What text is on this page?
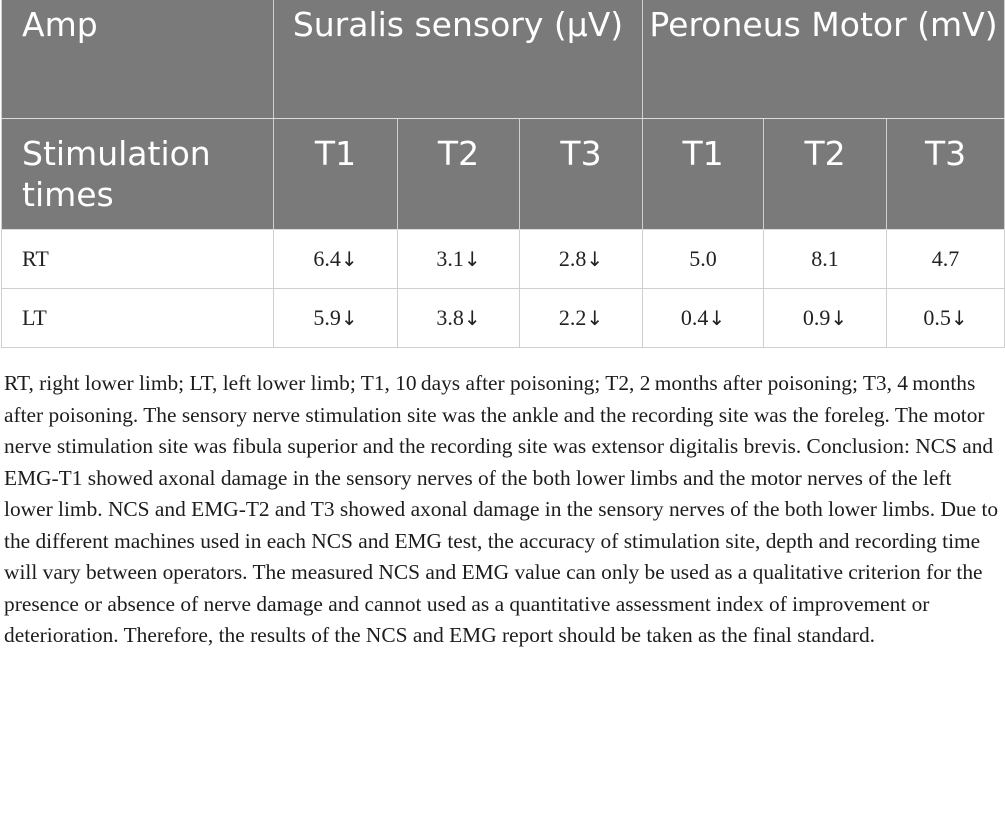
Amp	Suralis sensory (μV)			Peroneus Motor (mV)		
Stimulation times	T1	T2	T3	T1	T2	T3
RT	6.4↓	3.1↓	2.8↓	5.0	8.1	4.7
LT	5.9↓	3.8↓	2.2↓	0.4↓	0.9↓	0.5↓

RT, right lower limb; LT, left lower limb; T1, 10 days after poisoning; T2, 2 months after poisoning; T3, 4 months after poisoning. The sensory nerve stimulation site was the ankle and the recording site was the foreleg. The motor nerve stimulation site was fibula superior and the recording site was extensor digitalis brevis. Conclusion: NCS and EMG-T1 showed axonal damage in the sensory nerves of the both lower limbs and the motor nerves of the left lower limb. NCS and EMG-T2 and T3 showed axonal damage in the sensory nerves of the both lower limbs. Due to the different machines used in each NCS and EMG test, the accuracy of stimulation site, depth and recording time will vary between operators. The measured NCS and EMG value can only be used as a qualitative criterion for the presence or absence of nerve damage and cannot used as a quantitative assessment index of improvement or deterioration. Therefore, the results of the NCS and EMG report should be taken as the final standard.
